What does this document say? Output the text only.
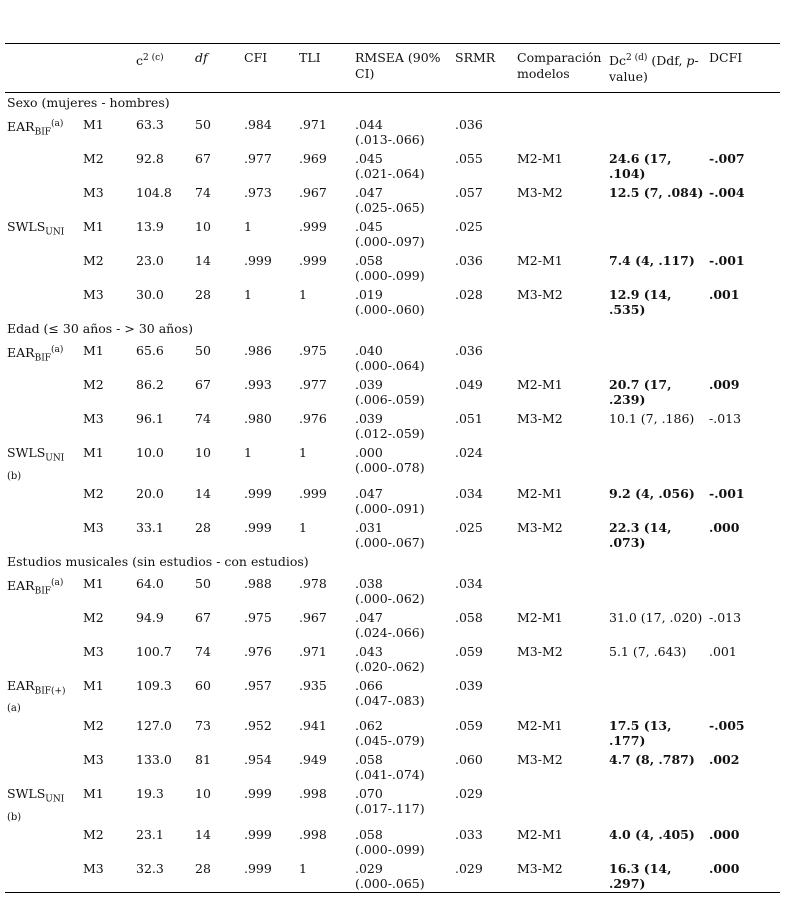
		$c^{2 (c)}$	df	CFI	TLI	RMSEA (90% CI)	SRMR	Comparación modelos	$Dc^{2 (d)}$ (Ddf, p-value)	DCFI
Sexo (mujeres - hombres)										
$EAR_{BIF}^{(a)}$	M1	63.3	50	.984	.971	.044 (.013-.066)	.036			
	M2	92.8	67	.977	.969	.045 (.021-.064)	.055	M2-M1	24.6 (17, .104)	-.007
	M3	104.8	74	.973	.967	.047 (.025-.065)	.057	M3-M2	12.5 (7, .084)	-.004
$SWLS_{UNI}$	M1	13.9	10	1	.999	.045 (.000-.097)	.025			
	M2	23.0	14	.999	.999	.058 (.000-.099)	.036	M2-M1	7.4 (4, .117)	-.001
	M3	30.0	28	1	1	.019 (.000-.060)	.028	M3-M2	12.9 (14, .535)	.001
Edad (≤ 30 años - > 30 años)										
$EAR_{BIF}^{(a)}$	M1	65.6	50	.986	.975	.040 (.000-.064)	.036			
	M2	86.2	67	.993	.977	.039 (.006-.059)	.049	M2-M1	20.7 (17, .239)	.009
	M3	96.1	74	.980	.976	.039 (.012-.059)	.051	M3-M2	10.1 (7, .186)	-.013
$SWLS_{UNI}$
(b)	M1	10.0	10	1	1	.000 (.000-.078)	.024			
	M2	20.0	14	.999	.999	.047 (.000-.091)	.034	M2-M1	9.2 (4, .056)	-.001
	M3	33.1	28	.999	1	.031 (.000-.067)	.025	M3-M2	22.3 (14, .073)	.000
Estudios musicales (sin estudios - con estudios)										
$EAR_{BIF}^{(a)}$	M1	64.0	50	.988	.978	.038 (.000-.062)	.034			
	M2	94.9	67	.975	.967	.047 (.024-.066)	.058	M2-M1	31.0 (17, .020)	-.013
	M3	100.7	74	.976	.971	.043 (.020-.062)	.059	M3-M2	5.1 (7, .643)	.001
$EAR_{BIF(+)}$
(a)	M1	109.3	60	.957	.935	.066 (.047-.083)	.039			
	M2	127.0	73	.952	.941	.062 (.045-.079)	.059	M2-M1	17.5 (13, .177)	-.005
	M3	133.0	81	.954	.949	.058 (.041-.074)	.060	M3-M2	4.7 (8, .787)	.002
$SWLS_{UNI}$
(b)	M1	19.3	10	.999	.998	.070 (.017-.117)	.029			
	M2	23.1	14	.999	.998	.058 (.000-.099)	.033	M2-M1	4.0 (4, .405)	.000
	M3	32.3	28	.999	1	.029 (.000-.065)	.029	M3-M2	16.3 (14, .297)	.000
